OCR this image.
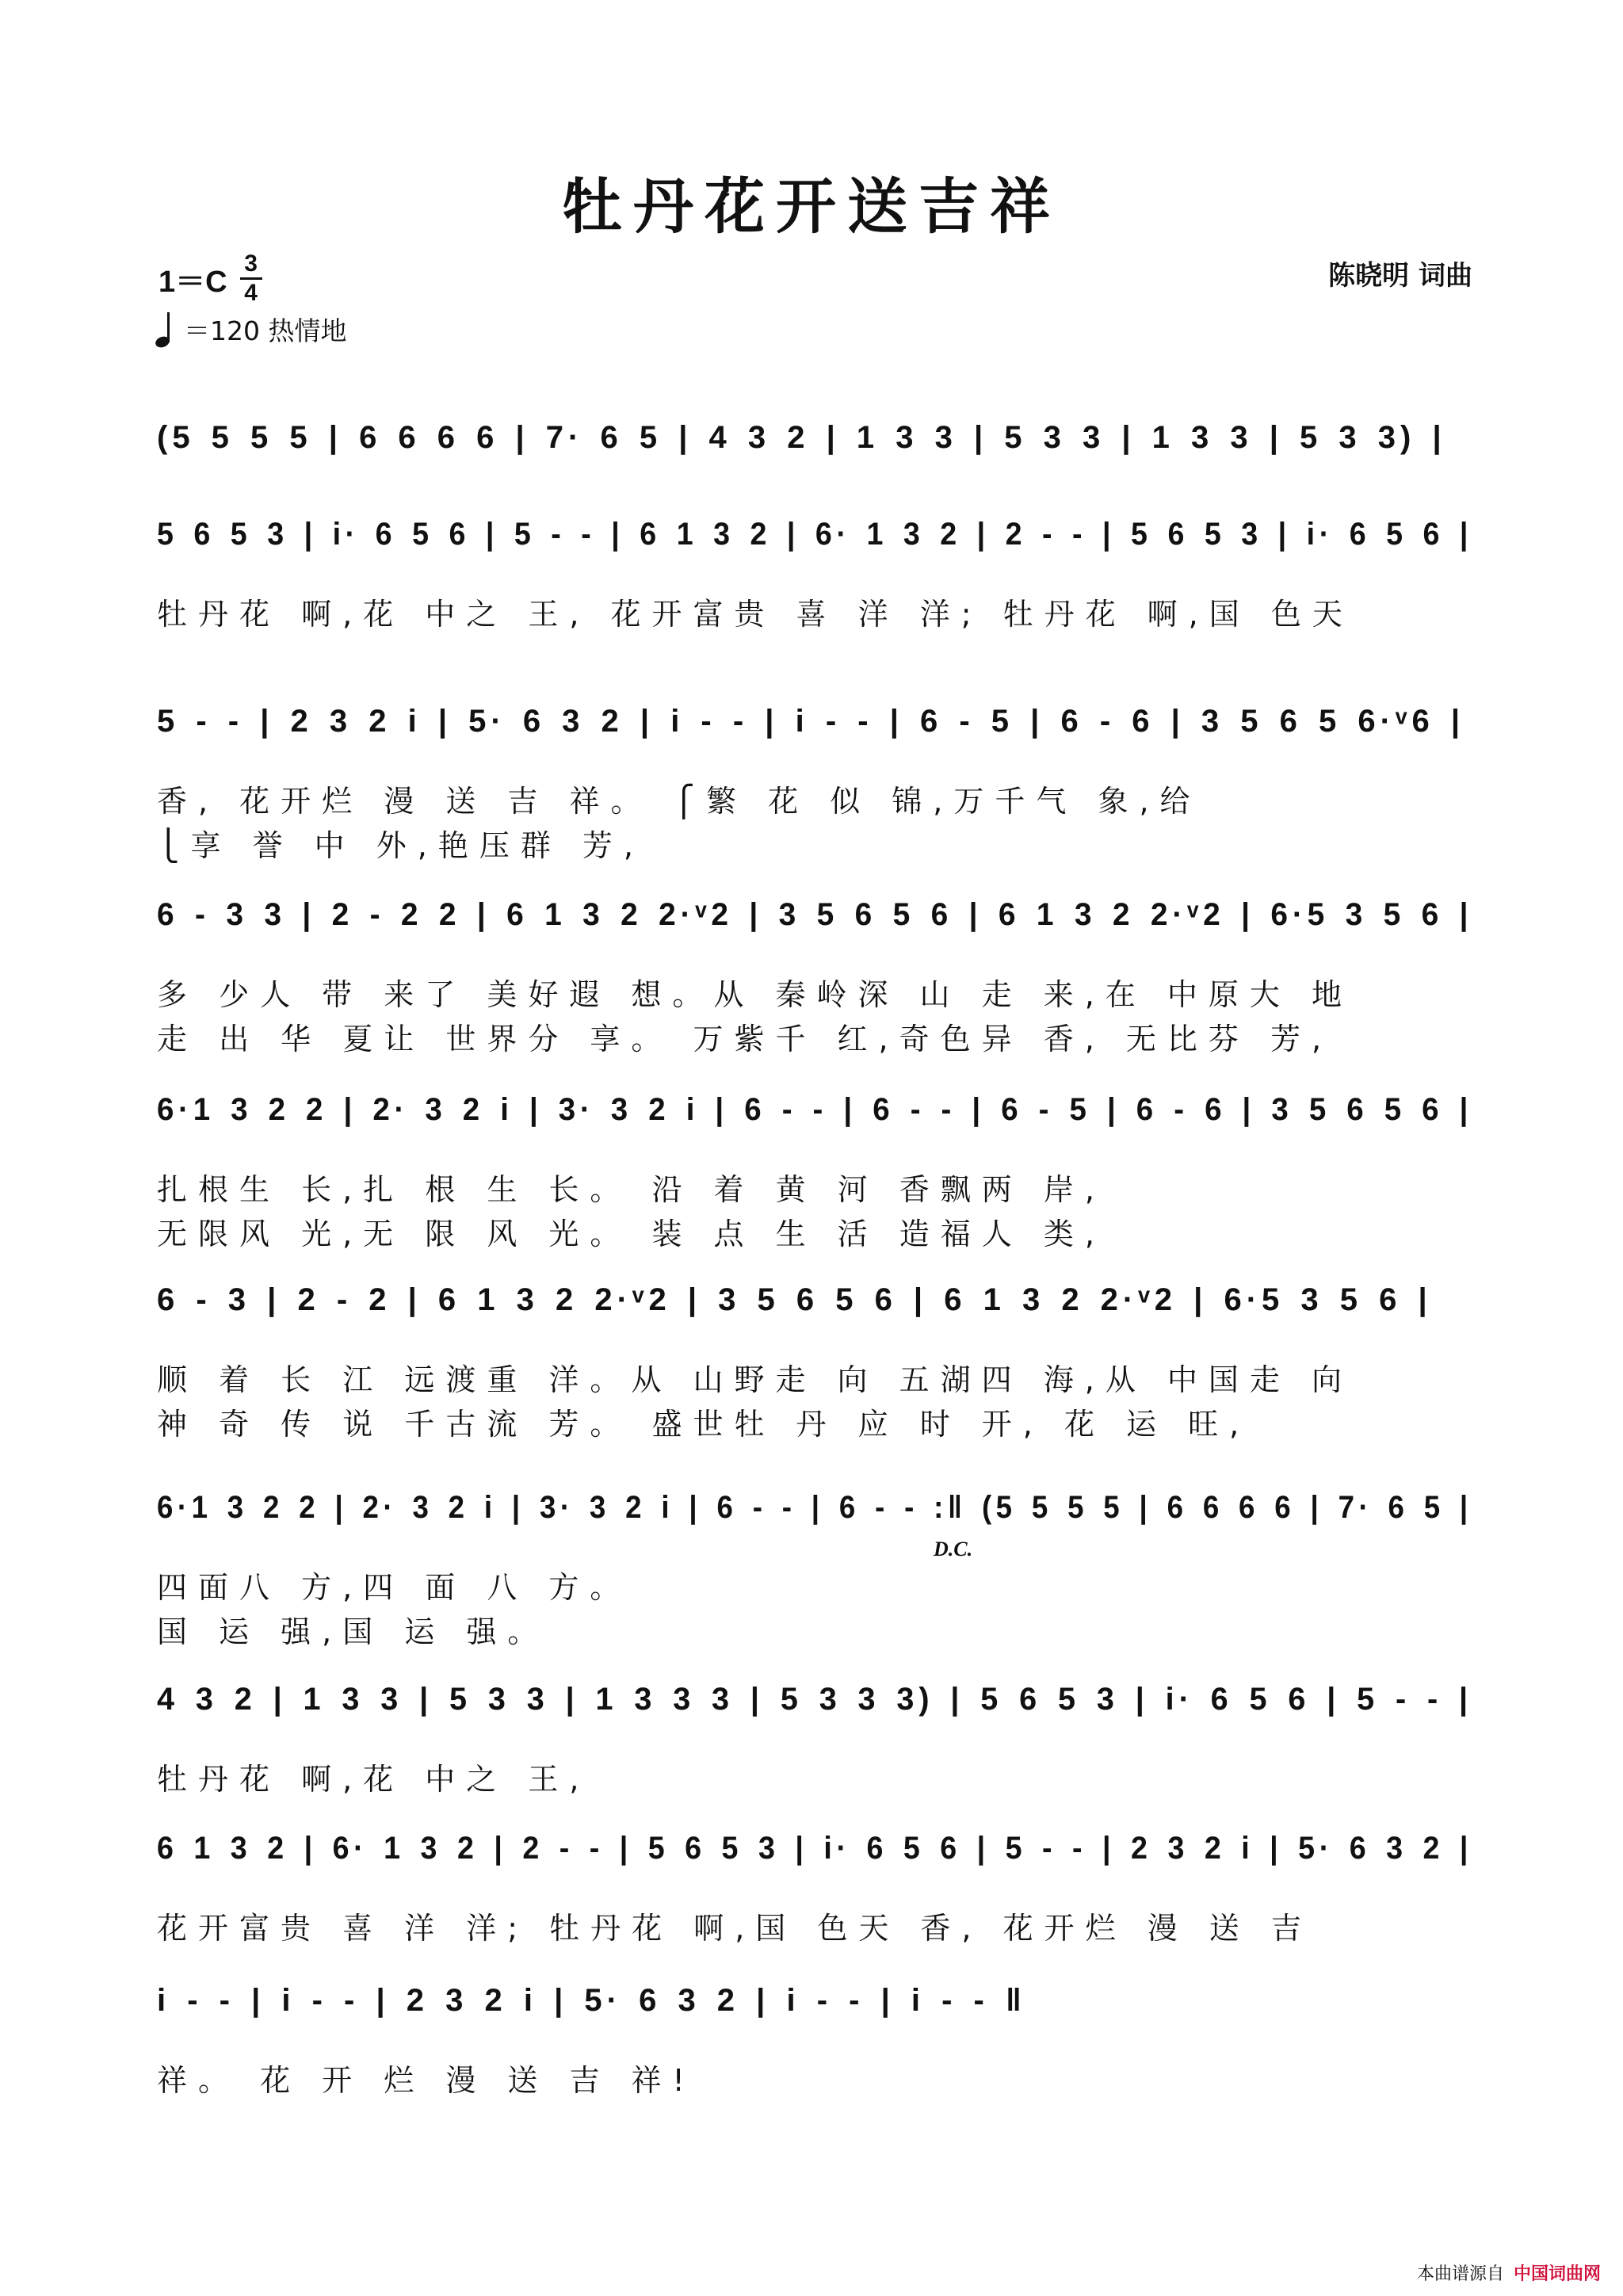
牡丹花开送吉祥
1＝C
3
4
＝120 热情地
陈晓明 词曲
(5 5 5 5 | 6 6 6 6 | 7· 6 5 | 4 3 2 | 1 3 3 | 5 3 3 | 1 3 3 | 5 3 3) |
5 6 5 3 | i· 6 5 6 | 5 - - | 6 1 3 2 | 6· 1 3 2 | 2 - - | 5 6 5 3 | i· 6 5 6 |
牡丹花 啊,花 中之 王, 花开富贵 喜 洋 洋; 牡丹花 啊,国 色天
5 - - | 2 3 2 i | 5· 6 3 2 | i - - | i - - | 6 - 5 | 6 - 6 | 3 5 6 5 6·ᵛ6 |
香, 花开烂 漫 送 吉 祥。 ⎧繁 花 似 锦,万千气 象,给
⎩享 誉 中 外,艳压群 芳,
6 - 3 3 | 2 - 2 2 | 6 1 3 2 2·ᵛ2 | 3 5 6 5 6 | 6 1 3 2 2·ᵛ2 | 6·5 3 5 6 |
多 少人 带 来了 美好遐 想。从 秦岭深 山 走 来,在 中原大 地
走 出 华 夏让 世界分 享。 万紫千 红,奇色异 香, 无比芬 芳,
6·1 3 2 2 | 2· 3 2 i | 3· 3 2 i | 6 - - | 6 - - | 6 - 5 | 6 - 6 | 3 5 6 5 6 |
扎根生 长,扎 根 生 长。 沿 着 黄 河 香飘两 岸,
无限风 光,无 限 风 光。 装 点 生 活 造福人 类,
6 - 3 | 2 - 2 | 6 1 3 2 2·ᵛ2 | 3 5 6 5 6 | 6 1 3 2 2·ᵛ2 | 6·5 3 5 6 |
顺 着 长 江 远渡重 洋。从 山野走 向 五湖四 海,从 中国走 向
神 奇 传 说 千古流 芳。 盛世牡 丹 应 时 开, 花 运 旺,
6·1 3 2 2 | 2· 3 2 i | 3· 3 2 i | 6 - - | 6 - - :‖ (5 5 5 5 | 6 6 6 6 | 7· 6 5 |
D.C.
四面八 方,四 面 八 方。
国 运 强,国 运 强。
4 3 2 | 1 3 3 | 5 3 3 | 1 3 3 3 | 5 3 3 3) | 5 6 5 3 | i· 6 5 6 | 5 - - |
牡丹花 啊,花 中之 王,
6 1 3 2 | 6· 1 3 2 | 2 - - | 5 6 5 3 | i· 6 5 6 | 5 - - | 2 3 2 i | 5· 6 3 2 |
花开富贵 喜 洋 洋; 牡丹花 啊,国 色天 香, 花开烂 漫 送 吉
i - - | i - - | 2 3 2 i | 5· 6 3 2 | i - - | i - - ‖
祥。 花 开 烂 漫 送 吉 祥!
本曲谱源自 中国词曲网
